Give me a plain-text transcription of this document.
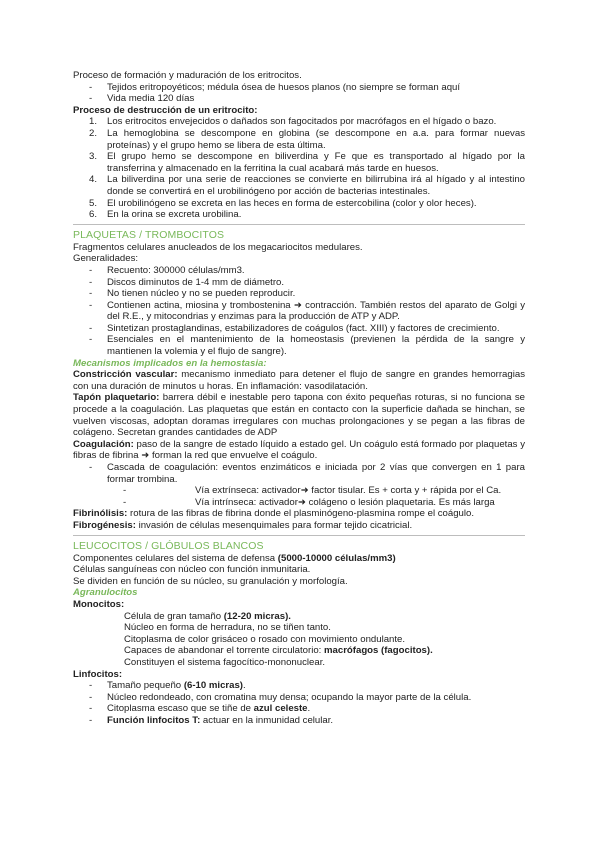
Proceso de formación y maduración de los eritrocitos.

-	Tejidos eritropoyéticos; médula ósea de huesos planos (no siempre se forman aquí
-	Vida media 120 días

Proceso de destrucción de un eritrocito:

1.	Los eritrocitos envejecidos o dañados son fagocitados por macrófagos en el hígado o bazo.
2.	La hemoglobina se descompone en globina (se descompone en a.a. para formar nuevas proteínas) y el grupo hemo se libera de esta última.
3.	El grupo hemo se descompone en biliverdina y Fe que es transportado al hígado por la transferrina y almacenado en la ferritina la cual acabará más tarde en huesos.
4.	La biliverdina por una serie de reacciones se convierte en bilirrubina irá al hígado y al intestino donde se convertirá en el urobilinógeno por acción de bacterias intestinales.
5.	El urobilinógeno se excreta en las heces en forma de estercobilina (color y olor heces).
6.	En la orina se excreta urobilina.

PLAQUETAS / TROMBOCITOS

Fragmentos celulares anucleados de los megacariocitos medulares.

Generalidades:

-	Recuento: 300000 células/mm3.
-	Discos diminutos de 1-4 mm de diámetro.
-	No tienen núcleo y no se pueden reproducir.
-	Contienen actina, miosina y trombostenina ➜ contracción. También restos del aparato de Golgi y del R.E., y mitocondrias y enzimas para la producción de ATP y ADP.
-	Sintetizan prostaglandinas, estabilizadores de coágulos (fact. XIII) y factores de crecimiento.
-	Esenciales en el mantenimiento de la homeostasis (previenen la pérdida de la sangre y mantienen la volemia y el flujo de sangre).

Mecanismos implicados en la hemostasia:

Constricción vascular: mecanismo inmediato para detener el flujo de sangre en grandes hemorragias con una duración de minutos u horas. En inflamación: vasodilatación.

Tapón plaquetario: barrera débil e inestable pero tapona con éxito pequeñas roturas, si no funciona se procede a la coagulación. Las plaquetas que están en contacto con la superficie dañada se hinchan, se vuelven viscosas, adoptan doramas irregulares con muchas prolongaciones y se pegan a las fibras de colágeno. Secretan grandes cantidades de ADP

Coagulación: paso de la sangre de estado líquido a estado gel. Un coágulo está formado por plaquetas y fibras de fibrina ➜ forman la red que envuelve el coágulo.

-	Cascada de coagulación: eventos enzimáticos e iniciada por 2 vías que convergen en 1 para formar trombina.
-	Vía extrínseca: activador➜ factor tisular. Es + corta y + rápida por el Ca.
-	Vía intrínseca: activador➜ colágeno o lesión plaquetaria. Es más larga

Fibrinólisis: rotura de las fibras de fibrina donde el plasminógeno-plasmina rompe el coágulo.

Fibrogénesis: invasión de células mesenquimales para formar tejido cicatricial.

LEUCOCITOS / GLÓBULOS BLANCOS

Componentes celulares del sistema de defensa (5000-10000 células/mm3)

Células sanguíneas con núcleo con función inmunitaria.

Se dividen en función de su núcleo, su granulación y morfología.

Agranulocitos

Monocitos:

Célula de gran tamaño (12-20 micras).

Núcleo en forma de herradura, no se tiñen tanto.

Citoplasma de color grisáceo o rosado con movimiento ondulante.

Capaces de abandonar el torrente circulatorio: macrófagos (fagocitos).

Constituyen el sistema fagocítico-mononuclear.

Linfocitos:

-	Tamaño pequeño (6-10 micras).
-	Núcleo redondeado, con cromatina muy densa; ocupando la mayor parte de la célula.
-	Citoplasma escaso que se tiñe de azul celeste.
-	Función linfocitos T: actuar en la inmunidad celular.
